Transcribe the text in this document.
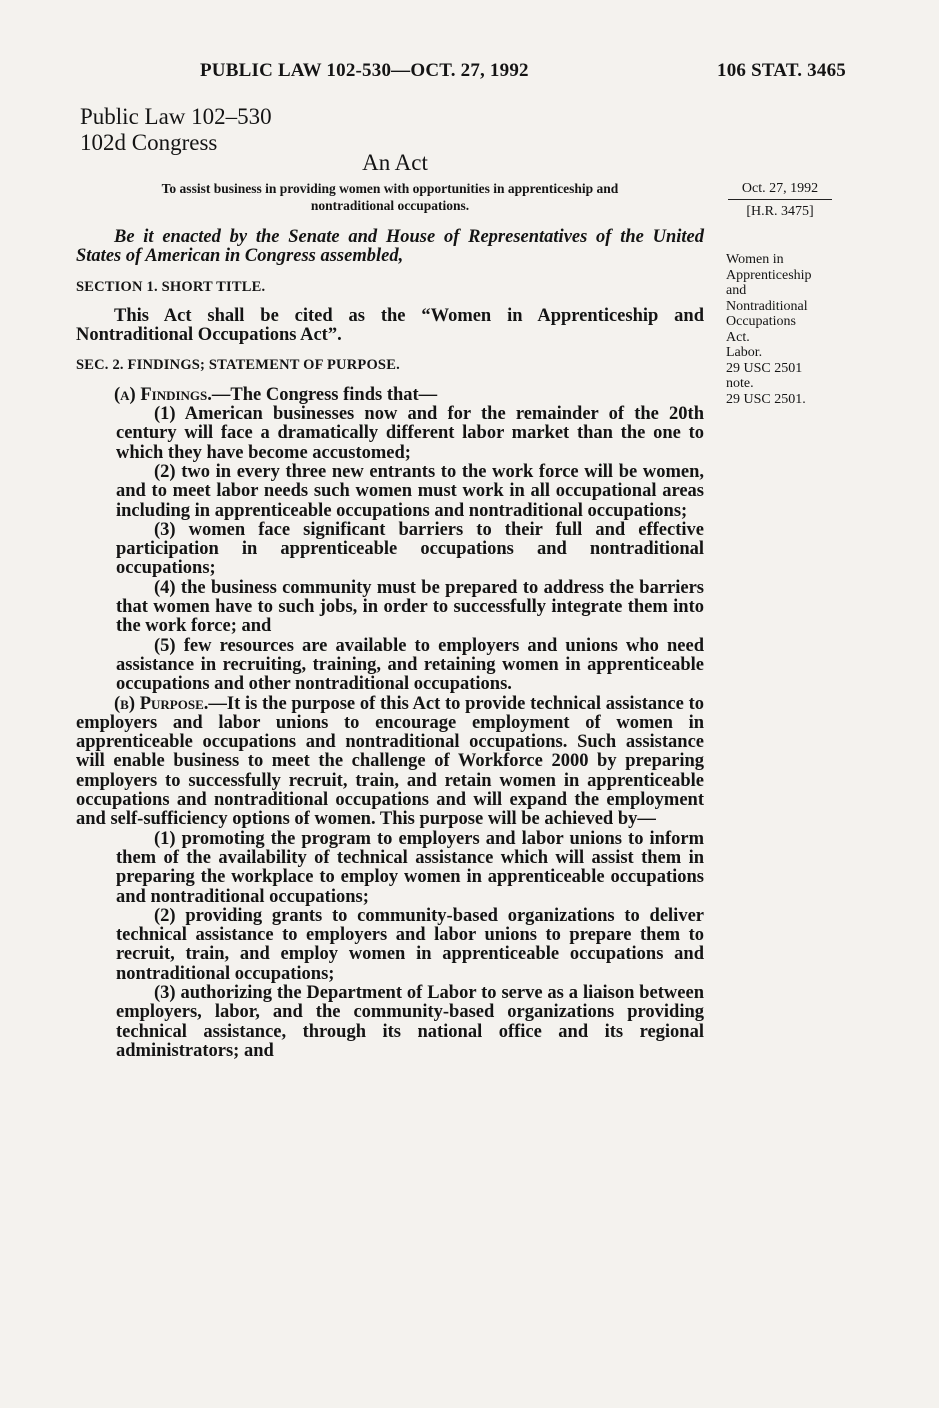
PUBLIC LAW 102-530—OCT. 27, 1992	106 STAT. 3465
Public Law 102–530
102d Congress
An Act
To assist business in providing women with opportunities in apprenticeship and
nontraditional occupations.
Oct. 27, 1992
[H.R. 3475]
Women in
Apprenticeship
and
Nontraditional
Occupations
Act.
Labor.
29 USC 2501
note.
29 USC 2501.

Be it enacted by the Senate and House of Representatives of the United States of American in Congress assembled,

SECTION 1. SHORT TITLE.

This Act shall be cited as the “Women in Apprenticeship and Nontraditional Occupations Act”.

SEC. 2. FINDINGS; STATEMENT OF PURPOSE.

(a) Findings.—The Congress finds that—

(1) American businesses now and for the remainder of the 20th century will face a dramatically different labor market than the one to which they have become accustomed;

(2) two in every three new entrants to the work force will be women, and to meet labor needs such women must work in all occupational areas including in apprenticeable occupations and nontraditional occupations;

(3) women face significant barriers to their full and effective participation in apprenticeable occupations and nontraditional occupations;

(4) the business community must be prepared to address the barriers that women have to such jobs, in order to successfully integrate them into the work force; and

(5) few resources are available to employers and unions who need assistance in recruiting, training, and retaining women in apprenticeable occupations and other nontraditional occupations.

(b) Purpose.—It is the purpose of this Act to provide technical assistance to employers and labor unions to encourage employment of women in apprenticeable occupations and nontraditional occupations. Such assistance will enable business to meet the challenge of Workforce 2000 by preparing employers to successfully recruit, train, and retain women in apprenticeable occupations and nontraditional occupations and will expand the employment and self-sufficiency options of women. This purpose will be achieved by—

(1) promoting the program to employers and labor unions to inform them of the availability of technical assistance which will assist them in preparing the workplace to employ women in apprenticeable occupations and nontraditional occupations;

(2) providing grants to community-based organizations to deliver technical assistance to employers and labor unions to prepare them to recruit, train, and employ women in apprenticeable occupations and nontraditional occupations;

(3) authorizing the Department of Labor to serve as a liaison between employers, labor, and the community-based organizations providing technical assistance, through its national office and its regional administrators; and
